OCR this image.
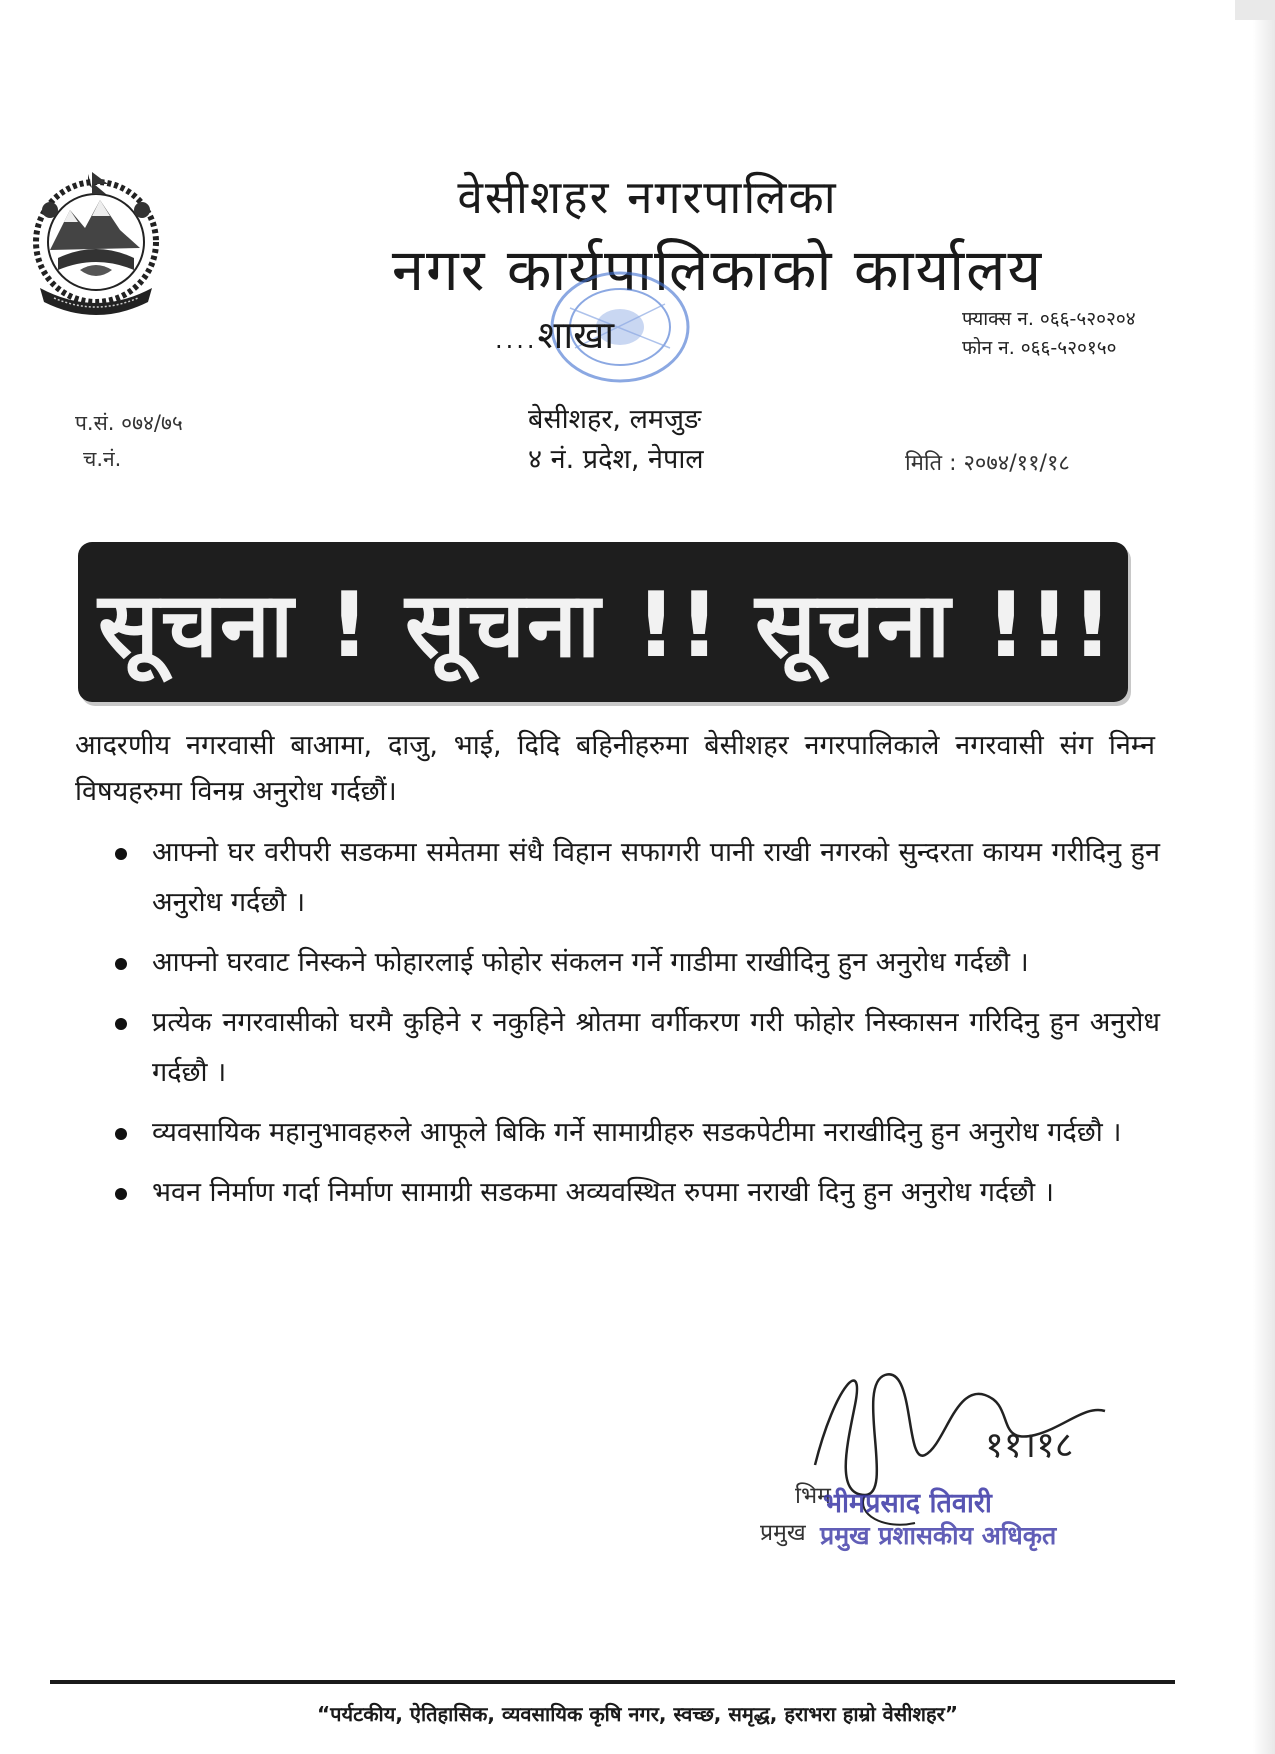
वेसीशहर नगरपालिका
नगर कार्यपालिकाको कार्यालय
....शाखा	फ्याक्स न. ०६६-५२०२०४
फोन न. ०६६-५२०१५०
प.सं. ०७४/७५
च.नं.
बेसीशहर, लमजुङ
४ नं. प्रदेश, नेपाल	मिति : २०७४/११/१८
सूचना ! सूचना !! सूचना !!!
आदरणीय नगरवासी बाआमा, दाजु, भाई, दिदि बहिनीहरुमा बेसीशहर नगरपालिकाले नगरवासी संग निम्न विषयहरुमा विनम्र अनुरोध गर्दछौं।
आफ्नो घर वरीपरी सडकमा समेतमा संधै विहान सफागरी पानी राखी नगरको सुन्दरता कायम गरीदिनु हुन अनुरोध गर्दछौ ।
आफ्नो घरवाट निस्कने फोहारलाई फोहोर संकलन गर्ने गाडीमा राखीदिनु हुन अनुरोध गर्दछौ ।
प्रत्येक नगरवासीको घरमै कुहिने र नकुहिने श्रोतमा वर्गीकरण गरी फोहोर निस्कासन गरिदिनु हुन अनुरोध गर्दछौ ।
व्यवसायिक महानुभावहरुले आफूले बिकि गर्ने सामाग्रीहरु सडकपेटीमा नराखीदिनु हुन अनुरोध गर्दछौ ।
भवन निर्माण गर्दा निर्माण सामाग्री सडकमा अव्यवस्थित रुपमा नराखी दिनु हुन अनुरोध गर्दछौ ।
११।१८
भिम
प्रमुख
भीमप्रसाद तिवारी
प्रमुख प्रशासकीय अधिकृत
“पर्यटकीय, ऐतिहासिक, व्यवसायिक कृषि नगर, स्वच्छ, समृद्ध, हराभरा हाम्रो वेसीशहर”
